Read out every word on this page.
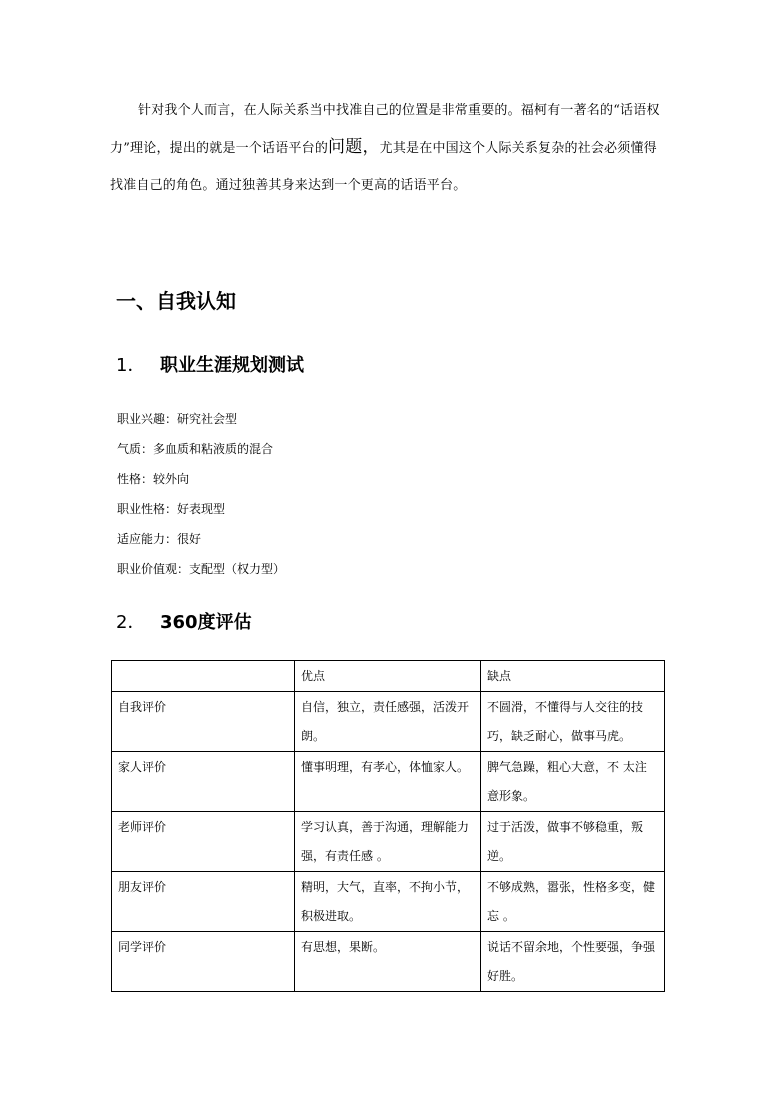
针对我个人而言，在人际关系当中找准自己的位置是非常重要的。福柯有一著名的“话语权力”理论，提出的就是一个话语平台的问题，尤其是在中国这个人际关系复杂的社会必须懂得找准自己的角色。通过独善其身来达到一个更高的话语平台。

一、自我认知
1． 职业生涯规划测试
职业兴趣：研究社会型
气质：多血质和粘液质的混合
性格：较外向
职业性格：好表现型
适应能力：很好
职业价值观：支配型（权力型）
2． 360度评估
	优点	缺点
自我评价	自信，独立，责任感强，活泼开朗。	不圆滑，不懂得与人交往的技巧，缺乏耐心，做事马虎。
家人评价	懂事明理，有孝心，体恤家人。	脾气急躁，粗心大意，不 太注意形象。
老师评价	学习认真，善于沟通，理解能力强，有责任感 。	过于活泼，做事不够稳重，叛逆。
朋友评价	精明，大气，直率，不拘小节，积极进取。	不够成熟，嚣张，性格多变，健忘 。
同学评价	有思想，果断。	说话不留余地，个性要强，争强好胜。
